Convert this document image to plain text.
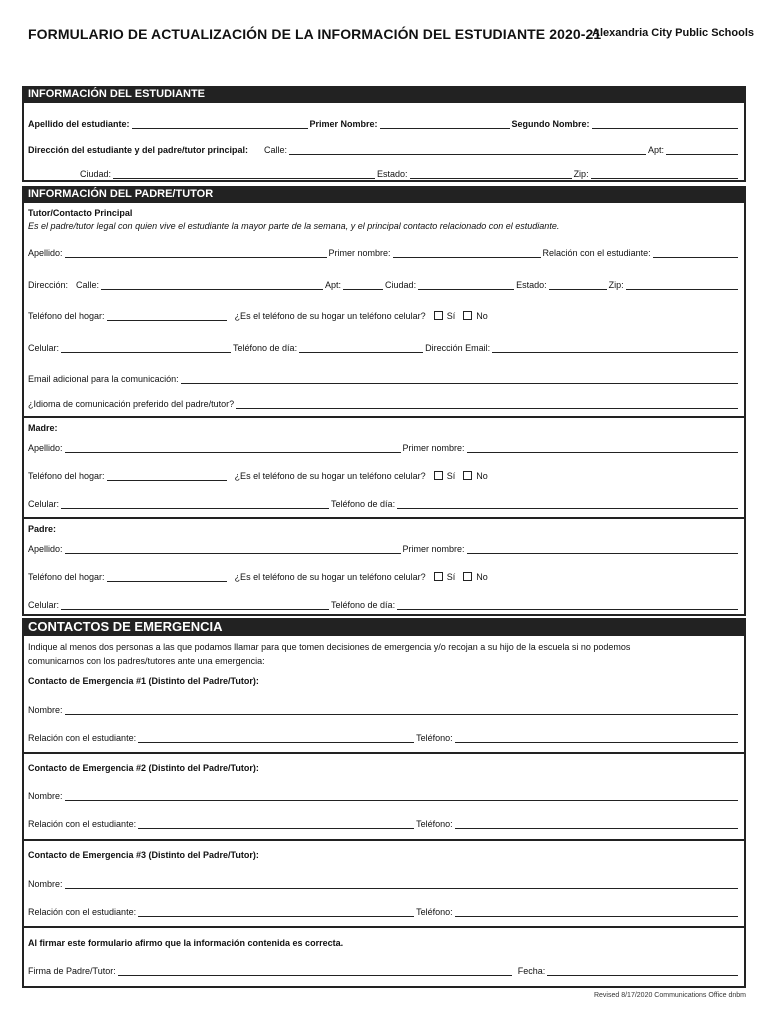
FORMULARIO DE ACTUALIZACIÓN DE LA INFORMACIÓN DEL ESTUDIANTE 2020-21
Alexandria City Public Schools
INFORMACIÓN DEL ESTUDIANTE
Apellido del estudiante:	Primer Nombre:	Segundo Nombre:
Dirección del estudiante y del padre/tutor principal: Calle:	Apt:
Ciudad:	Estado:	Zip:
INFORMACIÓN DEL PADRE/TUTOR
Tutor/Contacto Principal
Es el padre/tutor legal con quien vive el estudiante la mayor parte de la semana, y el principal contacto relacionado con el estudiante.
Apellido:	Primer nombre:	Relación con el estudiante:
Dirección: Calle:	Apt:	Ciudad:	Estado:	Zip:
Teléfono del hogar:	¿Es el teléfono de su hogar un teléfono celular? Sí No
Celular:	Teléfono de día:	Dirección Email:
Email adicional para la comunicación:
¿Idioma de comunicación preferido del padre/tutor?
Madre:
Apellido:	Primer nombre:
Teléfono del hogar:	¿Es el teléfono de su hogar un teléfono celular? Sí No
Celular:	Teléfono de día:
Padre:
Apellido:	Primer nombre:
Teléfono del hogar:	¿Es el teléfono de su hogar un teléfono celular? Sí No
Celular:	Teléfono de día:
CONTACTOS DE EMERGENCIA
Indique al menos dos personas a las que podamos llamar para que tomen decisiones de emergencia y/o recojan a su hijo de la escuela si no podemos
comunicarnos con los padres/tutores ante una emergencia:
Contacto de Emergencia #1 (Distinto del Padre/Tutor):
Nombre:
Relación con el estudiante:	Teléfono:
Contacto de Emergencia #2 (Distinto del Padre/Tutor):
Nombre:
Relación con el estudiante:	Teléfono:
Contacto de Emergencia #3 (Distinto del Padre/Tutor):
Nombre:
Relación con el estudiante:	Teléfono:
Al firmar este formulario afirmo que la información contenida es correcta.
Firma de Padre/Tutor:	Fecha:
Revised 8/17/2020 Communications Office dnbm
